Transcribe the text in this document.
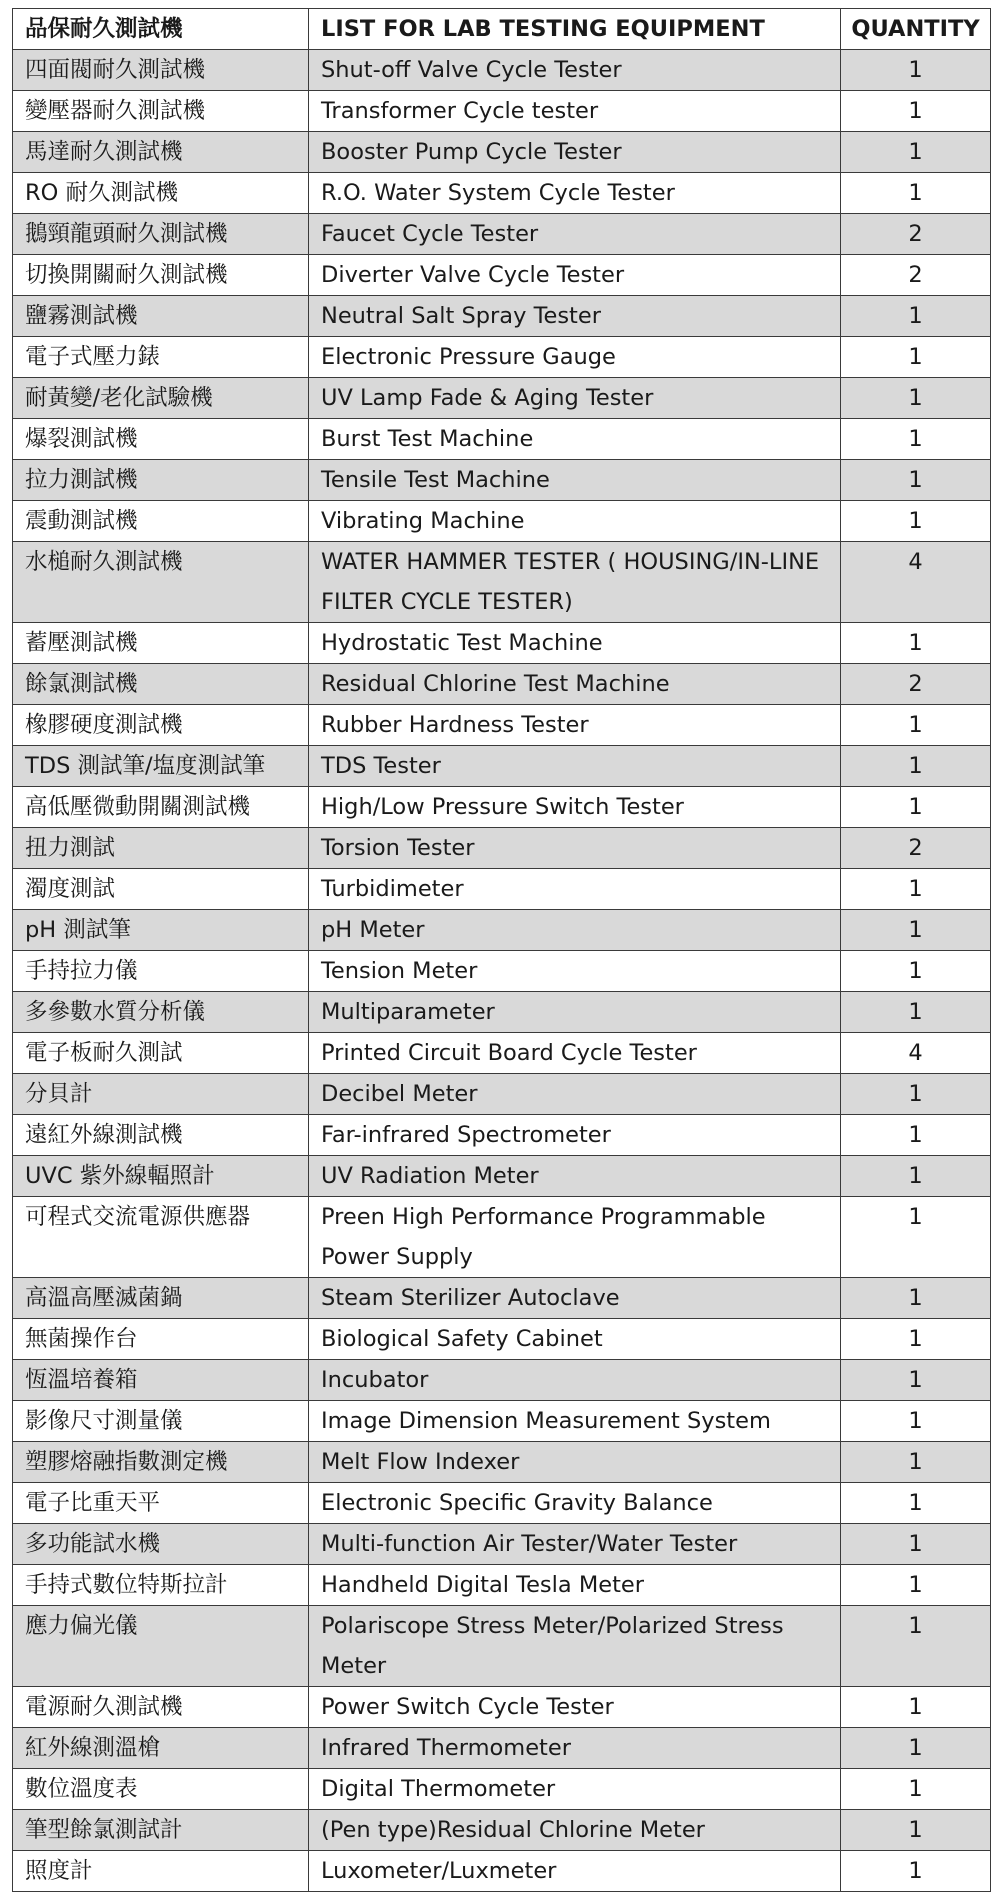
品保耐久測試機	LIST FOR LAB TESTING EQUIPMENT	QUANTITY
四面閥耐久測試機	Shut-off Valve Cycle Tester	1
變壓器耐久測試機	Transformer Cycle tester	1
馬達耐久測試機	Booster Pump Cycle Tester	1
RO 耐久測試機	R.O. Water System Cycle Tester	1
鵝頸龍頭耐久測試機	Faucet Cycle Tester	2
切換開關耐久測試機	Diverter Valve Cycle Tester	2
鹽霧測試機	Neutral Salt Spray Tester	1
電子式壓力錶	Electronic Pressure Gauge	1
耐黃變/老化試驗機	UV Lamp Fade & Aging Tester	1
爆裂測試機	Burst Test Machine	1
拉力測試機	Tensile Test Machine	1
震動測試機	Vibrating Machine	1
水槌耐久測試機	WATER HAMMER TESTER ( HOUSING/IN-LINE FILTER CYCLE TESTER)	4
蓄壓測試機	Hydrostatic Test Machine	1
餘氯測試機	Residual Chlorine Test Machine	2
橡膠硬度測試機	Rubber Hardness Tester	1
TDS 測試筆/塩度測試筆	TDS Tester	1
高低壓微動開關測試機	High/Low Pressure Switch Tester	1
扭力測試	Torsion Tester	2
濁度測試	Turbidimeter	1
pH 測試筆	pH Meter	1
手持拉力儀	Tension Meter	1
多參數水質分析儀	Multiparameter	1
電子板耐久測試	Printed Circuit Board Cycle Tester	4
分貝計	Decibel Meter	1
遠紅外線測試機	Far-infrared Spectrometer	1
UVC 紫外線輻照計	UV Radiation Meter	1
可程式交流電源供應器	Preen High Performance Programmable Power Supply	1
高溫高壓滅菌鍋	Steam Sterilizer Autoclave	1
無菌操作台	Biological Safety Cabinet	1
恆溫培養箱	Incubator	1
影像尺寸測量儀	Image Dimension Measurement System	1
塑膠熔融指數測定機	Melt Flow Indexer	1
電子比重天平	Electronic Specific Gravity Balance	1
多功能試水機	Multi-function Air Tester/Water Tester	1
手持式數位特斯拉計	Handheld Digital Tesla Meter	1
應力偏光儀	Polariscope Stress Meter/Polarized Stress Meter	1
電源耐久測試機	Power Switch Cycle Tester	1
紅外線測溫槍	Infrared Thermometer	1
數位溫度表	Digital Thermometer	1
筆型餘氯測試計	(Pen type)Residual Chlorine Meter	1
照度計	Luxometer/Luxmeter	1
